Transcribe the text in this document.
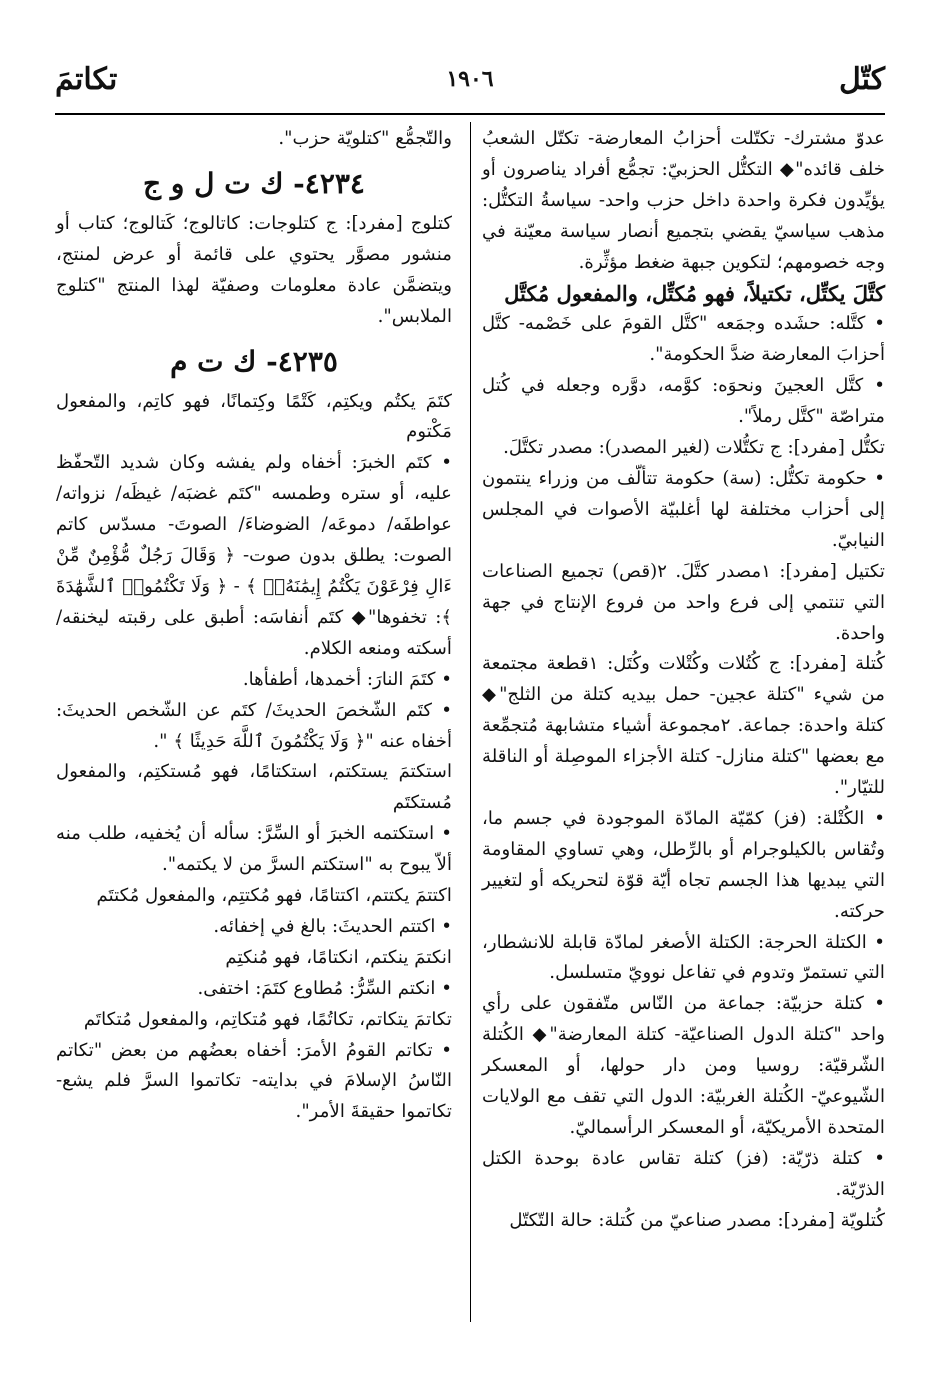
كتّل
١٩٠٦
تكاتمَ

عدوّ مشترك- تكتّلت أحزابُ المعارضة- تكتّل الشعبُ خلف قائده"◆ التكتُّل الحزبيّ: تجمُّع أفراد يناصرون أو يؤيِّدون فكرة واحدة داخل حزب واحد- سياسةُ التكتُّل: مذهب سياسيّ يقضي بتجميع أنصار سياسة معيّنة في وجه خصومهم؛ لتكوين جبهة ضغط مؤثِّرة.

كتَّلَ يكتِّل، تكتيلاً، فهو مُكتِّل، والمفعول مُكتَّل

• كتَّله: حشَده وجمَعه "كتَّل القومَ على خَصْمه- كتَّل أحزابَ المعارضة ضدَّ الحكومة".

• كتَّل العجينَ ونحوَه: كوَّمه، دوَّره وجعله في كُتل متراصّة "كتَّل رملاً".

تكتُّل [مفرد]: ج تكتُّلات (لغير المصدر): مصدر تكتَّلَ.

• حكومة تكتُّل: (سة) حكومة تتألّف من وزراء ينتمون إلى أحزاب مختلفة لها أغلبيّة الأصوات في المجلس النيابيّ.

تكتيل [مفرد]: ١مصدر كتَّلَ. ٢(قص) تجميع الصناعات التي تنتمي إلى فرع واحد من فروع الإنتاج في جهة واحدة.

كُتلة [مفرد]: ج كُتُلات وكُتْلات وكُتَل: ١قطعة مجتمعة من شيء "كتلة عجين- حمل بيديه كتلة من الثلج"◆ كتلة واحدة: جماعة. ٢مجموعة أشياء متشابهة مُتجمِّعة مع بعضها "كتلة منازل- كتلة الأجزاء الموصِلة أو الناقلة للتيّار".

• الكُتْلة: (فز) كمّيّة المادّة الموجودة في جسم ما، وتُقاس بالكيلوجرام أو بالرِّطل، وهي تساوي المقاومة التي يبديها هذا الجسم تجاه أيّة قوّة لتحريكه أو لتغيير حركته.

• الكتلة الحرجة: الكتلة الأصغر لمادّة قابلة للانشطار، التي تستمرّ وتدوم في تفاعل نوويّ متسلسل.

• كتلة حزبيّة: جماعة من النّاس متّفقون على رأي واحد "كتلة الدول الصناعيّة- كتلة المعارضة"◆ الكُتلة الشّرقيّة: روسيا ومن دار حولها، أو المعسكر الشّيوعيّ- الكُتلة الغربيّة: الدول التي تقف مع الولايات المتحدة الأمريكيّة، أو المعسكر الرأسماليّ.

• كتلة ذرّيّة: (فز) كتلة تقاس عادة بوحدة الكتل الذرّيّة.

كُتلويّة [مفرد]: مصدر صناعيّ من كُتلة: حالة التّكتّل

والتّجمُّع "كتلويّة حزب".

٤٢٣٤- ك ت ل و ج

كتلوج [مفرد]: ج كتلوجات: كاتالوج؛ كَتالوج؛ كتاب أو منشور مصوَّر يحتوي على قائمة أو عرض لمنتج، ويتضمَّن عادة معلومات وصفيّة لهذا المنتج "كتلوج الملابس".

٤٢٣٥- ك ت م

كتَمَ يكتُم ويكتِم، كَتْمًا وكِتمانًا، فهو كاتِم، والمفعول مَكْتوم

• كتَم الخبرَ: أخفاه ولم يفشه وكان شديد التّحفّظ عليه، أو ستره وطمسه "كتَم غضبَه/ غيظَه/ نزواته/ عواطفَه/ دموعَه/ الضوضاءَ/ الصوتَ- مسدّس كاتم الصوت: يطلق بدون صوت- ﴿ وَقَالَ رَجُلٌ مُّؤْمِنٌ مِّنْ ءَالِ فِرْعَوْنَ يَكْتُمُ إِيمَٰنَهُۥٓ ﴾ - ﴿ وَلَا تَكْتُمُوا۟ ٱلشَّهَٰدَةَ ﴾: تخفوها"◆ كتَم أنفاسَه: أطبق على رقبته ليخنقه/ أسكته ومنعه الكلام.

• كتَمَ النارَ: أخمدها، أطفأها.

• كتَم الشّخصَ الحديثَ/ كتَم عن الشّخص الحديثَ: أخفاه عنه "﴿ وَلَا يَكْتُمُونَ ٱللَّهَ حَدِيثًا ﴾ ".

استكتمَ يستكتم، استكتامًا، فهو مُستكتِم، والمفعول مُستكتَم

• استكتمه الخبرَ أو السِّرَّ: سأله أن يُخفيه، طلب منه ألاّ يبوح به "استكتم السرَّ من لا يكتمه".

اكتتمَ يكتتم، اكتتامًا، فهو مُكتتِم، والمفعول مُكتتَم

• اكتتم الحديثَ: بالغ في إخفائه.

انكتمَ ينكتم، انكتامًا، فهو مُنكتِم

• انكتم السِّرُّ: مُطاوع كتَمَ: اختفى.

تكاتمَ يتكاتم، تكاتُمًا، فهو مُتكاتِم، والمفعول مُتكاتَم

• تكاتم القومُ الأمرَ: أخفاه بعضُهم من بعض "تكاتم النّاسُ الإسلامَ في بدايته- تكاتموا السرَّ فلم يشع- تكاتموا حقيقةَ الأمر".
